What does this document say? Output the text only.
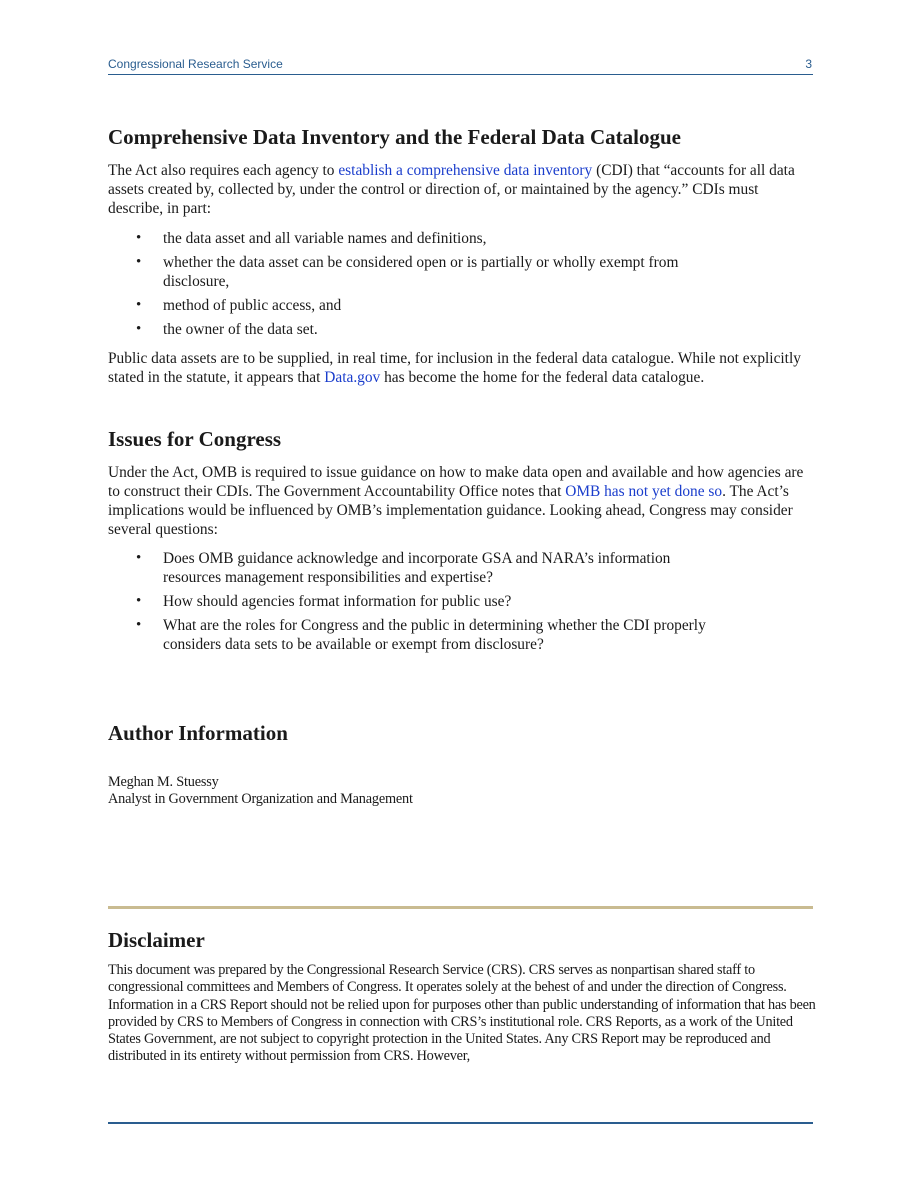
Congressional Research Service	3
Comprehensive Data Inventory and the Federal Data Catalogue

The Act also requires each agency to establish a comprehensive data inventory (CDI) that “accounts for all data assets created by, collected by, under the control or direction of, or maintained by the agency.” CDIs must describe, in part:

• the data asset and all variable names and definitions,
• whether the data asset can be considered open or is partially or wholly exempt from disclosure,
• method of public access, and
• the owner of the data set.

Public data assets are to be supplied, in real time, for inclusion in the federal data catalogue. While not explicitly stated in the statute, it appears that Data.gov has become the home for the federal data catalogue.

Issues for Congress

Under the Act, OMB is required to issue guidance on how to make data open and available and how agencies are to construct their CDIs. The Government Accountability Office notes that OMB has not yet done so. The Act’s implications would be influenced by OMB’s implementation guidance. Looking ahead, Congress may consider several questions:

• Does OMB guidance acknowledge and incorporate GSA and NARA’s information resources management responsibilities and expertise?
• How should agencies format information for public use?
• What are the roles for Congress and the public in determining whether the CDI properly considers data sets to be available or exempt from disclosure?
Author Information
Meghan M. Stuessy
Analyst in Government Organization and Management
Disclaimer

This document was prepared by the Congressional Research Service (CRS). CRS serves as nonpartisan shared staff to congressional committees and Members of Congress. It operates solely at the behest of and under the direction of Congress. Information in a CRS Report should not be relied upon for purposes other than public understanding of information that has been provided by CRS to Members of Congress in connection with CRS’s institutional role. CRS Reports, as a work of the United States Government, are not subject to copyright protection in the United States. Any CRS Report may be reproduced and distributed in its entirety without permission from CRS. However,
